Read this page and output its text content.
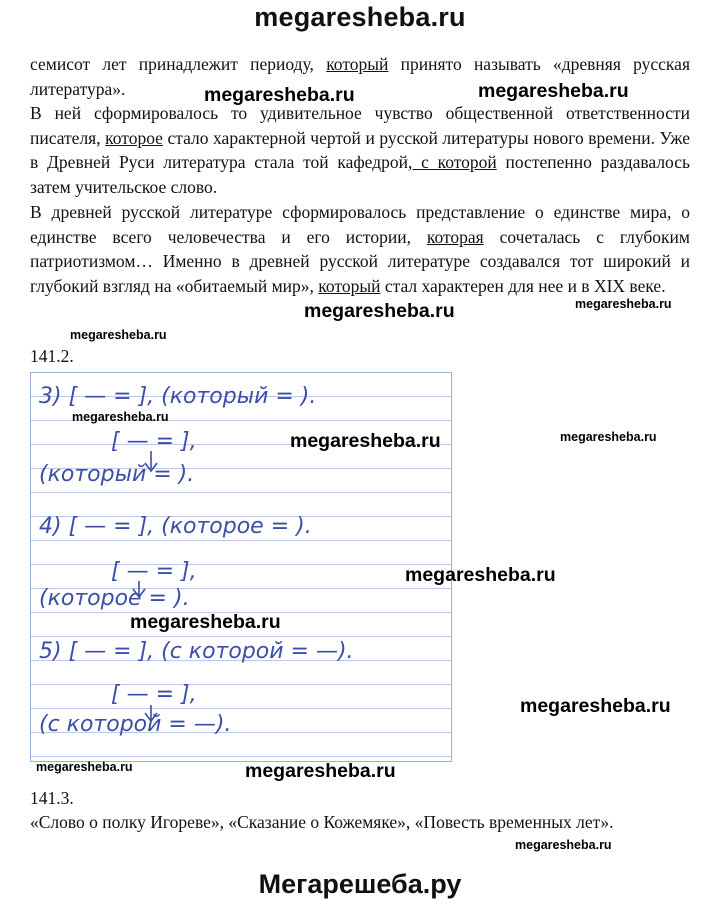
megaresheba.ru

семисот лет принадлежит периоду, который принято называть «древняя русская литература».

В ней сформировалось то удивительное чувство общественной ответственности писателя, которое стало характерной чертой и русской литературы нового времени. Уже в Древней Руси литература стала той кафедрой, с которой постепенно раздавалось затем учительское слово.

В древней русской литературе сформировалось представление о единстве мира, о единстве всего человечества и его истории, которая сочеталась с глубоким патриотизмом… Именно в древней русской литературе создавался тот широкий и глубокий взгляд на «обитаемый мир», который стал характерен для нее и в XIX веке.

megaresheba.ru
megaresheba.ru
megaresheba.ru	megaresheba.ru
megaresheba.ru
141.2.
3) [ — = ], (который = ).
[ — = ],
(который = ).
4) [ — = ], (которое = ).
[ — = ],
(которое = ).
5) [ — = ], (с которой = —).
[ — = ],
(с которой = —).
megaresheba.ru
megaresheba.ru	megaresheba.ru
megaresheba.ru
megaresheba.ru
megaresheba.ru
megaresheba.ru	megaresheba.ru
141.3.

«Слово о полку Игореве», «Сказание о Кожемяке», «Повесть временных лет».

megaresheba.ru
Мегарешеба.ру
